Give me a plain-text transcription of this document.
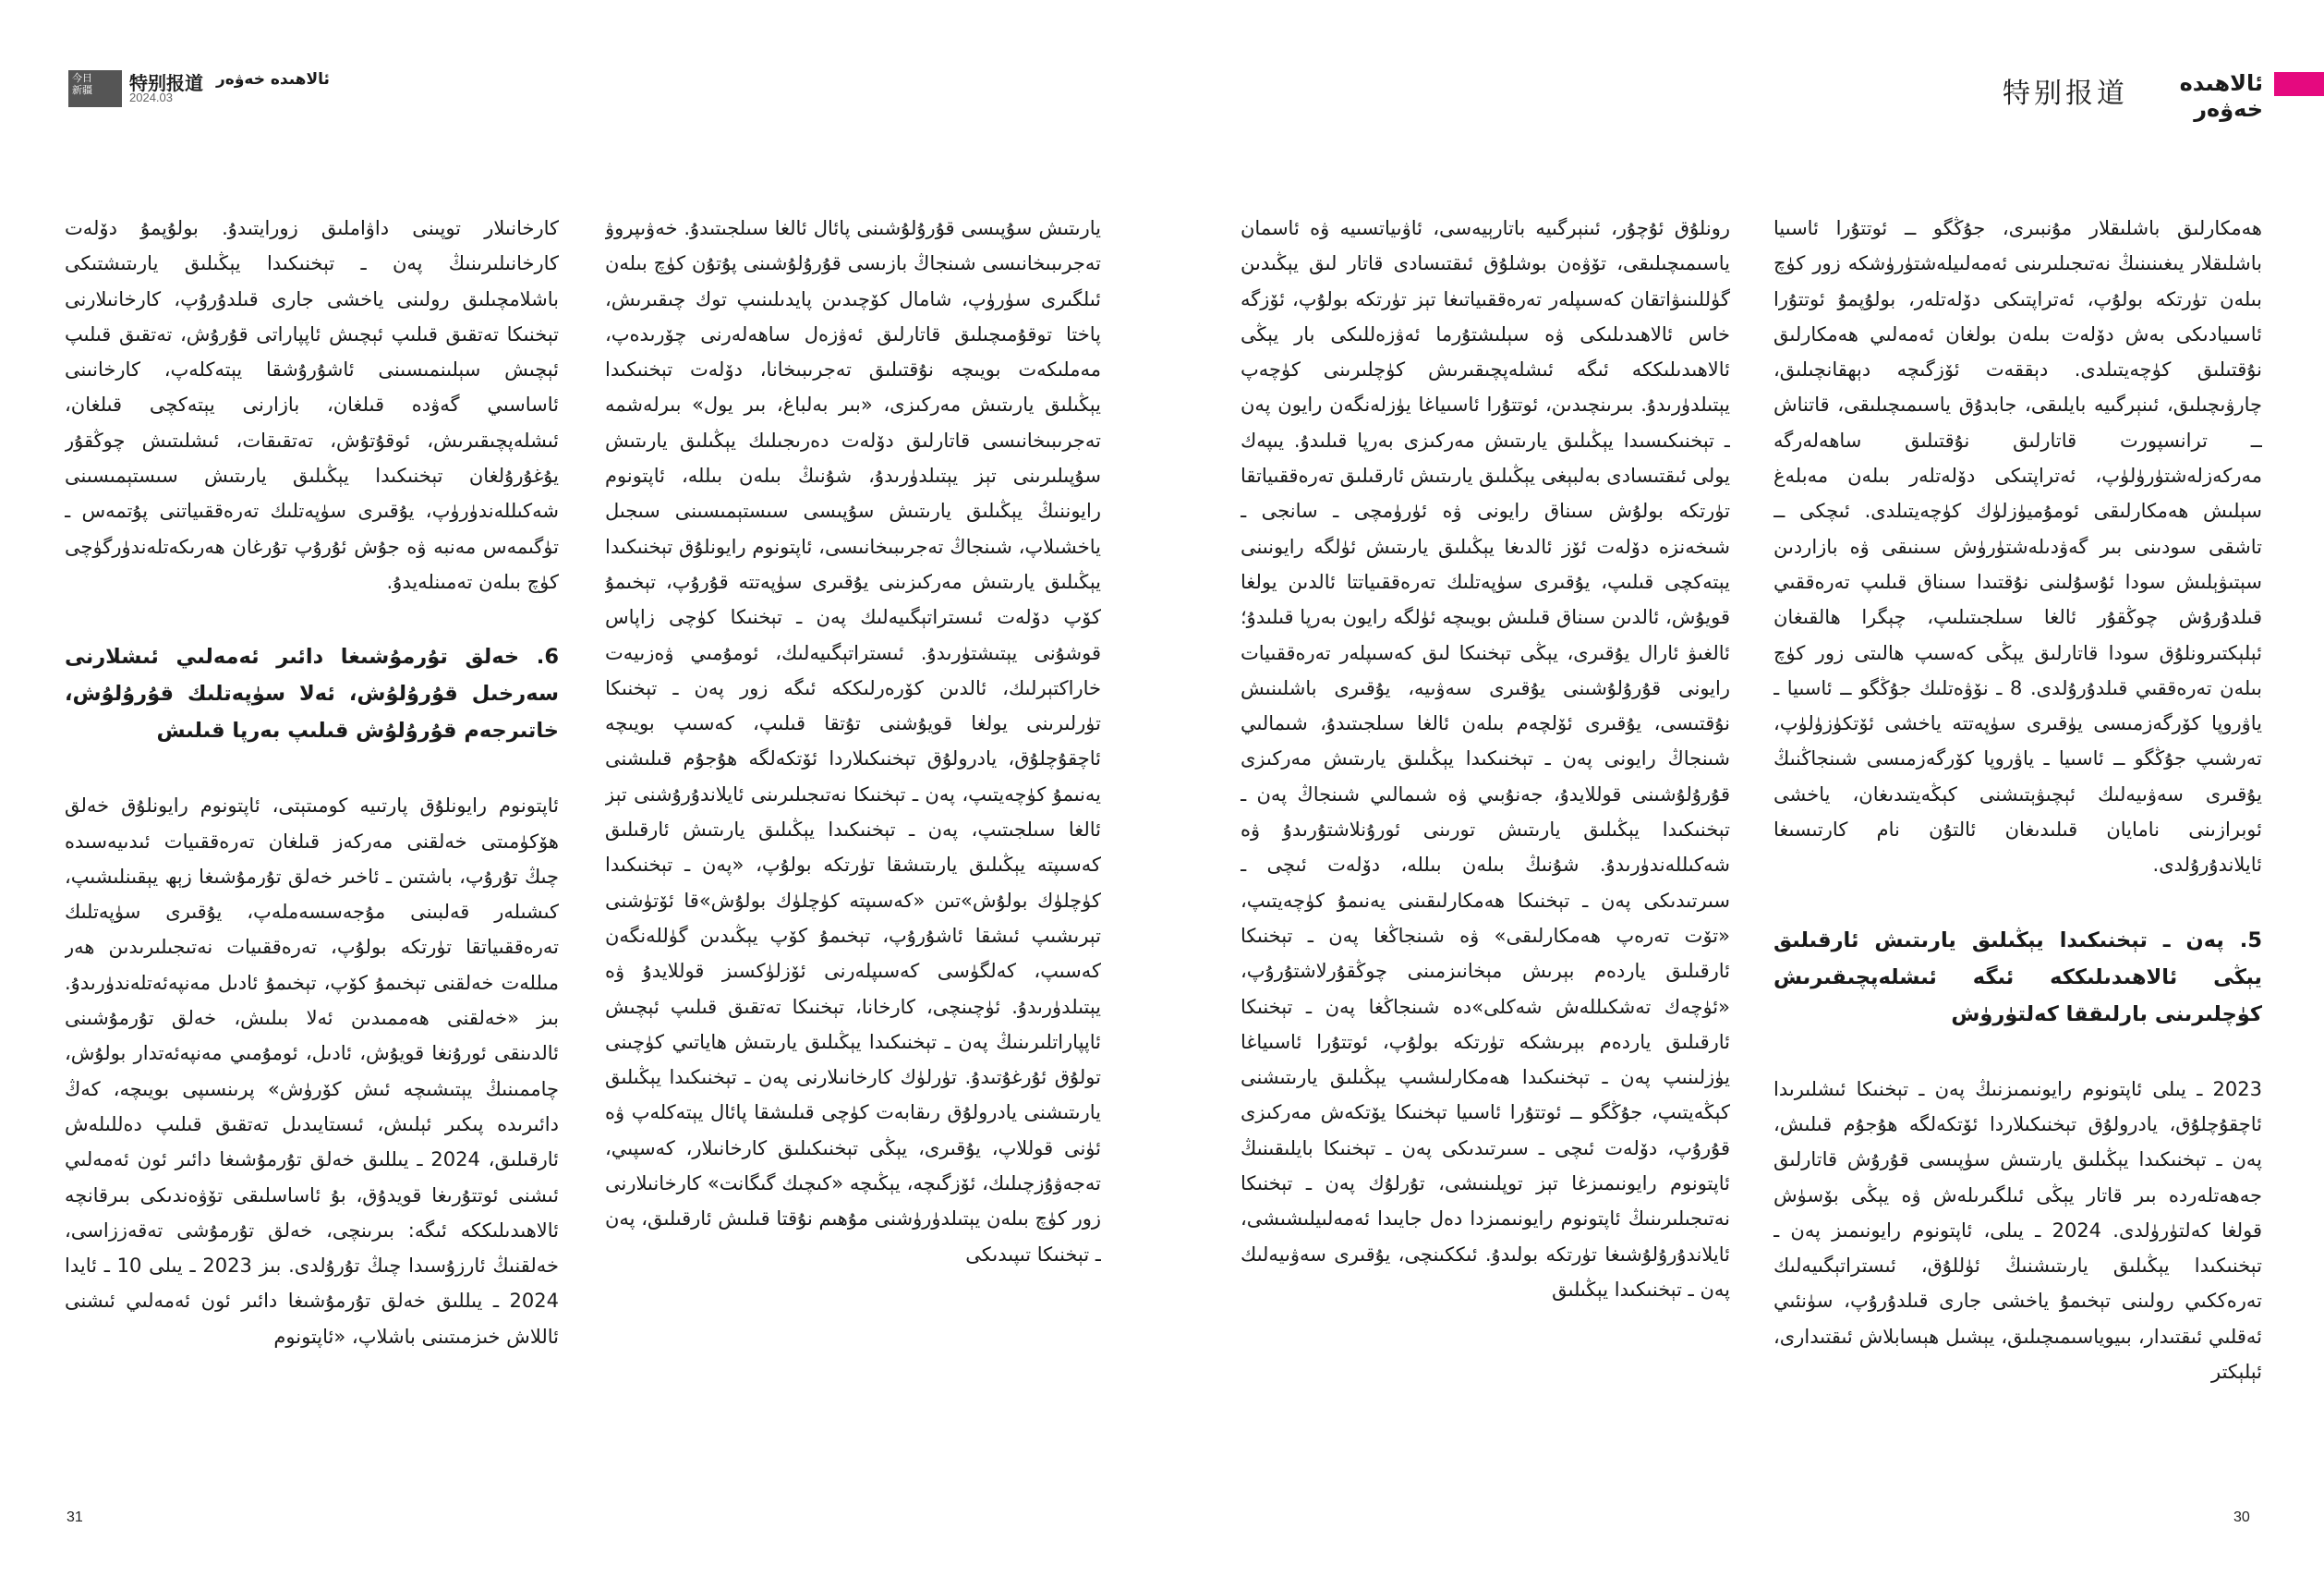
今日
新疆	特别报道 ئالاھىدە خەۋەر
2024.03	特别报道	ئالاھىدە خەۋەر

ھەمكارلىق باشلىقلار مۇنبىرى، جۇڭگو ــ ئوتتۇرا ئاسىيا باشلىقلار يىغىنىنىڭ نەتىجىلىرىنى ئەمەلىيلەشتۈرۈشكە زور كۈچ بىلەن تۈرتكە بولۇپ، ئەتراپتىكى دۆلەتلەر، بولۇپمۇ ئوتتۇرا ئاسىيادىكى بەش دۆلەت بىلەن بولغان ئەمەلىي ھەمكارلىق نۇقتىلىق كۈچەيتىلدى. دېققەت ئۆزگىچە دېھقانچىلىق، چارۋىچىلىق، ئىنېرگىيە بايلىقى، جابدۇق ياسىمىچىلىقى، قاتناش ــ ترانسپورت قاتارلىق نۇقتىلىق ساھەلەرگە مەركەزلەشتۈرۈلۈپ، ئەتراپتىكى دۆلەتلەر بىلەن مەبلەغ سېلىش ھەمكارلىقى ئومۇميۈزلۈك كۈچەيتىلدى. ئىچكى ــ تاشقى سودىنى بىر گەۋدىلەشتۈرۈش سىنىقى ۋە بازاردىن سېتىۋېلىش سودا ئۇسۇلىنى نۇقتىدا سىناق قىلىپ تەرەققىي قىلدۇرۇش چوڭقۇر ئالغا سىلجىتىلىپ، چېگرا ھالقىغان ئېلېكتىرونلۇق سودا قاتارلىق يېڭى كەسىپ ھالىتى زور كۈچ بىلەن تەرەققىي قىلدۇرۇلدى. 8 ـ نۆۋەتلىك جۇڭگو ــ ئاسىيا ـ ياۋروپا كۆرگەزمىسى يۈقىرى سۈپەتتە ياخشى ئۆتكۈزۈلۈپ، تەرشىپ جۇڭگو ــ ئاسىيا ـ ياۋروپا كۆرگەزمىسى شىنجاڭنىڭ يۇقىرى سەۋىيەلىك ئېچىۋېتىشنى كېڭەيتىدىغان، ياخشى ئوبرازىنى نامايان قىلىدىغان ئالتۇن نام كارتىسىغا ئايلاندۇرۇلدى.

5. پەن ـ تېخنىكىدا يېڭىلىق يارىتىش ئارقىلىق يېڭى ئالاھىدىلىككە ئىگە ئىشلەپچىقىرىش كۈچلىرىنى بارلىققا كەلتۈرۈش

2023 ـ يىلى ئاپتونوم رايونىمىزنىڭ پەن ـ تېخنىكا ئىشلىرىدا ئاچقۇچلۇق، يادرولۇق تېخنىكىلاردا ئۆتكەلگە ھۇجۇم قىلىش، پەن ـ تېخنىكىدا يېڭىلىق يارىتىش سۈپىسى قۇرۇش قاتارلىق جەھەتلەردە بىر قاتار يېڭى ئىلگىرىلەش ۋە يېڭى بۆسۈش قولغا كەلتۈرۈلدى. 2024 ـ يىلى، ئاپتونوم رايونىمىز پەن ـ تېخنىكىدا يېڭىلىق يارىتىشنىڭ ئۈللۇق، ئىستراتېگىيەلىك تەرەككىي رولىنى تېخىمۇ ياخشى جارى قىلدۇرۇپ، سۈنئىي ئەقلىي ئىقتىدار، بىيوياسىمىچىلىق، يېشىل ھېسابلاش ئىقتىدارى، ئېلېكتر

رونلۇق ئۇچۇر، ئىنېرگىيە باتارېيەسى، ئاۋىياتسىيە ۋە ئاسمان ياسىمىچىلىقى، تۆۋەن بوشلۇق ئىقتىسادى قاتار لىق يېڭىدىن گۈللىنىۋاتقان كەسىپلەر تەرەققىياتىغا تېز تۈرتكە بولۇپ، ئۆزگە خاس ئالاھىدىلىكى ۋە سېلىشتۇرما ئەۋزەللىكى بار يېڭى ئالاھىدىلىككە ئىگە ئىشلەپچىقىرىش كۈچلىرىنى كۈچەپ يېتىلدۈرىدۇ. بىرىنچىدىن، ئوتتۇرا ئاسىياغا يۈزلەنگەن رايون پەن ـ تېخنىكىسىدا يېڭىلىق يارىتىش مەركىزى بەرپا قىلىدۇ. يىپەك يولى ئىقتىسادى بەلبېغى يېڭىلىق يارىتىش ئارقىلىق تەرەققىياتقا تۈرتكە بولۇش سىناق رايونى ۋە ئۈرۈمچى ـ سانجى ـ شىخەنزە دۆلەت ئۆز ئالدىغا يېڭىلىق يارىتىش ئۈلگە رايونىنى يېتەكچى قىلىپ، يۇقىرى سۈپەتلىك تەرەققىياتتا ئالدىن يولغا قويۇش، ئالدىن سىناق قىلىش بويىچە ئۈلگە رايون بەرپا قىلىدۇ؛ ئالغىۋ ئارال يۇقىرى، يېڭى تېخنىكا لىق كەسىپلەر تەرەققىيات رايونى قۇرۇلۇشىنى يۇقىرى سەۋىيە، يۇقىرى باشلىنىش نۇقتىسى، يۇقىرى ئۆلچەم بىلەن ئالغا سىلجىتىدۇ، شىمالىي شىنجاڭ رايونى پەن ـ تېخنىكىدا يېڭىلىق يارىتىش مەركىزى قۇرۇلۇشىنى قوللايدۇ، جەنۇبىي ۋە شىمالىي شىنجاڭ پەن ـ تېخنىكىدا يېڭىلىق يارىتىش تورىنى ئورۇنلاشتۇرىدۇ ۋە شەكىللەندۈرىدۇ. شۇنىڭ بىلەن بىللە، دۆلەت ئىچى ـ سىرتىدىكى پەن ـ تېخنىكا ھەمكارلىقىنى يەنىمۇ كۈچەيتىپ، «تۆت تەرەپ ھەمكارلىقى» ۋە شىنجاڭغا پەن ـ تېخنىكا ئارقىلىق ياردەم بېرىش مېخانىزمىنى چوڭقۇرلاشتۇرۇپ، «ئۈچەك تەشكىللەش شەكلى»دە شىنجاڭغا پەن ـ تېخنىكا ئارقىلىق ياردەم بېرىشكە تۈرتكە بولۇپ، ئوتتۇرا ئاسىياغا يۈزلىنىپ پەن ـ تېخنىكىدا ھەمكارلىشىپ يېڭىلىق يارىتىشنى كېڭەيتىپ، جۇڭگو ــ ئوتتۇرا ئاسىيا تېخنىكا يۆتكەش مەركىزى قۇرۇپ، دۆلەت ئىچى ـ سىرتىدىكى پەن ـ تېخنىكا بايلىقىنىڭ ئاپتونوم رايونىمىزغا تېز توپلىنىشى، تۇرلۇك پەن ـ تېخنىكا نەتىجىلىرىنىڭ ئاپتونوم رايونىمىزدا دەل جايىدا ئەمەلىيلىشىشى، ئايلاندۇرۇلۇشىغا تۈرتكە بولىدۇ. ئىككىنچى، يۇقىرى سەۋىيەلىك پەن ـ تېخنىكىدا يېڭىلىق

يارىتىش سۇپىسى قۇرۇلۇشىنى پائال ئالغا سىلجىتىدۇ. خەۋىپروۋ تەجرىبىخانىسى شىنجاڭ بازىسى قۇرۇلۇشىنى پۇتۇن كۈچ بىلەن ئىلگىرى سۈرۈپ، شامال كۆچىدىن پايدىلىنىپ توك چىقىرىش، پاختا توقۇمىچىلىق قاتارلىق ئەۋزەل ساھەلەرنى چۆرىدەپ، مەملىكەت بويىچە نۇقتىلىق تەجرىبىخانا، دۆلەت تېخنىكىدا يېڭىلىق يارىتىش مەركىزى، «بىر بەلباغ، بىر يول» بىرلەشمە تەجرىبىخانىسى قاتارلىق دۆلەت دەرىجىلىك يېڭىلىق يارىتىش سۇپىلىرىنى تېز يېتىلدۈرىدۇ، شۇنىڭ بىلەن بىللە، ئاپتونوم رايوننىڭ يېڭىلىق يارىتىش سۇپىسى سىستېمىسىنى سىجىل ياخشىلاپ، شىنجاڭ تەجرىبىخانىسى، ئاپتونوم رايونلۇق تېخنىكىدا يېڭىلىق يارىتىش مەركىزىنى يۇقىرى سۈپەتتە قۇرۇپ، تېخىمۇ كۆپ دۆلەت ئىستراتېگىيەلىك پەن ـ تېخنىكا كۈچى زاپاس قوشۇنى يېتىشتۈرىدۇ. ئىستراتېگىيەلىك، ئومۇمىي ۋەزىيەت خاراكتېرلىك، ئالدىن كۆرەرلىككە ئىگە زور پەن ـ تېخنىكا تۈرلىرىنى يولغا قويۇشنى تۇتقا قىلىپ، كەسىپ بويىچە ئاچقۇچلۇق، يادرولۇق تېخنىكىلاردا ئۆتكەلگە ھۇجۇم قىلىشنى يەنىمۇ كۈچەيتىپ، پەن ـ تېخنىكا نەتىجىلىرىنى ئايلاندۇرۇشنى تېز ئالغا سىلجىتىپ، پەن ـ تېخنىكىدا يېڭىلىق يارىتىش ئارقىلىق كەسىپتە يېڭىلىق يارىتىشقا تۈرتكە بولۇپ، «پەن ـ تېخنىكىدا كۈچلۈك بولۇش»تىن «كەسىپتە كۈچلۈك بولۇش»قا ئۆتۈشنى تېرىشىپ ئىشقا ئاشۇرۇپ، تېخىمۇ كۆپ يېڭىدىن گۈللەنگەن كەسىپ، كەلگۈسى كەسىپلەرنى ئۆزلۈكسىز قوللايدۇ ۋە يېتىلدۈرىدۇ. ئۈچىنچى، كارخانا، تېخنىكا تەتقىق قىلىپ ئېچىش ئاپپاراتلىرىنىڭ پەن ـ تېخنىكىدا يېڭىلىق يارىتىش ھاياتىي كۈچىنى تولۇق ئۇرغۇتىدۇ. تۈرلۈك كارخانىلارنى پەن ـ تېخنىكىدا يېڭىلىق يارىتىشنى يادرولۇق رىقابەت كۈچى قىلىشقا پائال يېتەكلەپ ۋە ئۈنى قوللاپ، يۇقىرى، يېڭى تېخنىكىلىق كارخانىلار، كەسپىي، تەجەۋۇزچىلىك، ئۆزگىچە، يېڭىچە «كىچىك گىگانت» كارخانىلارنى زور كۈچ بىلەن يېتىلدۈرۈشنى مۇھىم نۇقتا قىلىش ئارقىلىق، پەن ـ تېخنىكا تىپىدىكى

كارخانىلار توپىنى داۋاملىق زورايتىدۇ. بولۇپمۇ دۆلەت كارخانىلىرىنىڭ پەن ـ تېخنىكىدا يېڭىلىق يارىتىشتىكى باشلامچىلىق رولىنى ياخشى جارى قىلدۇرۇپ، كارخانىلارنى تېخنىكا تەتقىق قىلىپ ئېچىش ئاپپاراتى قۇرۇش، تەتقىق قىلىپ ئېچىش سېلىنمىسىنى ئاشۇرۇشقا يېتەكلەپ، كارخانىنى ئاساسىي گەۋدە قىلغان، بازارنى يېتەكچى قىلغان، ئىشلەپچىقىرىش، ئوقۇتۇش، تەتقىقات، ئىشلىتىش چوڭقۇر يۇغۇرۇلغان تېخنىكىدا يېڭىلىق يارىتىش سىستېمىسىنى شەكىللەندۈرۈپ، يۇقىرى سۈپەتلىك تەرەققىياتنى پۇتمەس ـ تۈگىمەس مەنبە ۋە جۇش ئۇرۇپ تۇرغان ھەرىكەتلەندۈرگۈچى كۈچ بىلەن تەمىنلەيدۇ.

6. خەلق تۇرمۇشىغا دائىر ئەمەلىي ئىشلارنى سەرخىل قۇرۇلۇش، ئەلا سۈپەتلىك قۇرۇلۇش، خاتىرجەم قۇرۇلۇش قىلىپ بەرپا قىلىش

ئاپتونوم رايونلۇق پارتىيە كومىتېتى، ئاپتونوم رايونلۇق خەلق ھۆكۈمىتى خەلقنى مەركەز قىلغان تەرەققىيات ئىدىيەسىدە چىڭ تۇرۇپ، باشتىن ـ ئاخىر خەلق تۇرمۇشىغا زېھ يېقىنلىشىپ، كىشىلەر قەلبىنى مۇجەسسەملەپ، يۇقىرى سۈپەتلىك تەرەققىياتقا تۈرتكە بولۇپ، تەرەققىيات نەتىجىلىرىدىن ھەر مىللەت خەلقنى تېخىمۇ كۆپ، تېخىمۇ ئادىل مەنپەئەتلەندۈرىدۇ. بىز «خەلقنى ھەممىدىن ئەلا بىلىش، خەلق تۇرمۇشىنى ئالدىنقى ئورۇنغا قويۇش، ئادىل، ئومۇمىي مەنپەئەتدار بولۇش، چاممىنىڭ يېتىشىچە ئىش كۆرۈش» پرىنسىپى بويىچە، كەڭ دائىرىدە پىكىر ئېلىش، ئىستايىدىل تەتقىق قىلىپ دەللىلەش ئارقىلىق، 2024 ـ يىللىق خەلق تۇرمۇشىغا دائىر ئون ئەمەلىي ئىشنى ئوتتۇرىغا قويدۇق، بۇ ئاساسلىقى تۆۋەندىكى بىرقانچە ئالاھىدىلىككە ئىگە: بىرىنچى، خەلق تۇرمۇشى تەقەززاسى، خەلقنىڭ ئارزۇسىدا چىڭ تۇرۇلدى. بىز 2023 ـ يىلى 10 ـ ئايدا 2024 ـ يىللىق خەلق تۇرمۇشىغا دائىر ئون ئەمەلىي ئىشنى ئاللاش خىزمىتىنى باشلاپ، «ئاپتونوم

31	30
